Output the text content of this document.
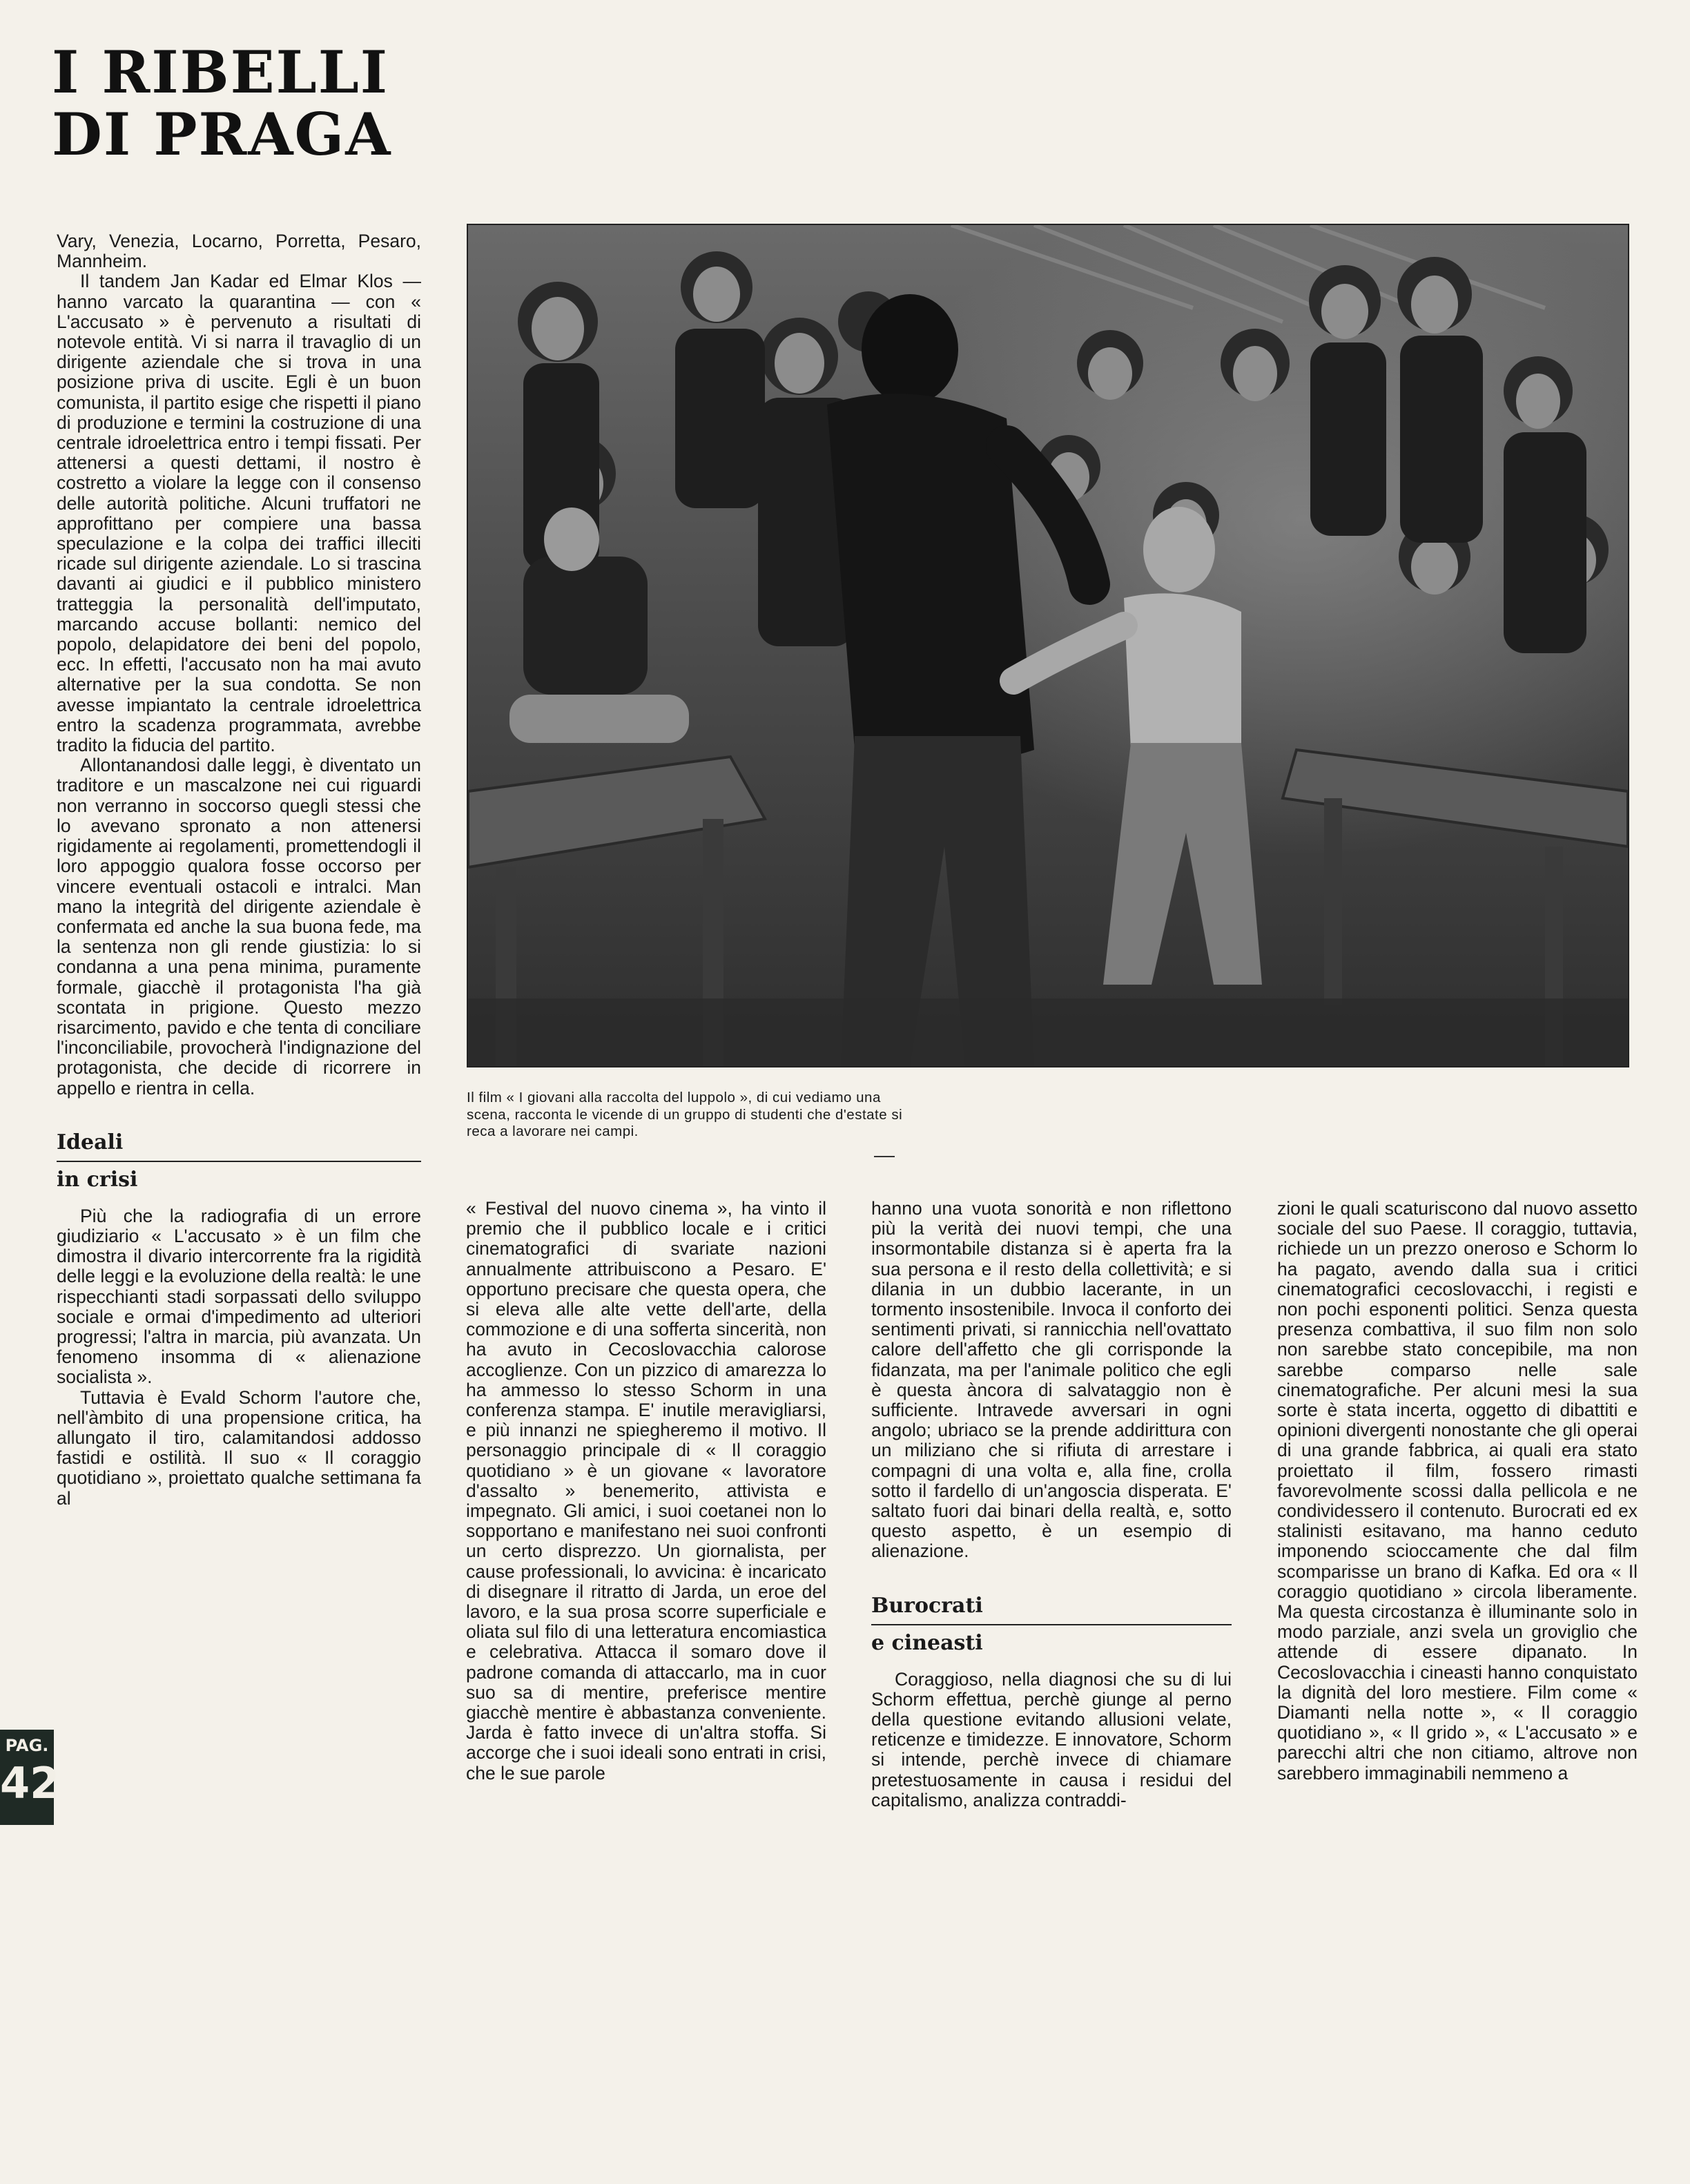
I RIBELLI
DI PRAGA

Vary, Venezia, Locarno, Porretta, Pesaro, Mannheim.

Il tandem Jan Kadar ed Elmar Klos — hanno varcato la quarantina — con « L'accusato » è pervenuto a risultati di notevole entità. Vi si narra il travaglio di un dirigente aziendale che si trova in una posizione priva di uscite. Egli è un buon comunista, il partito esige che rispetti il piano di produzione e termini la costruzione di una centrale idroelettrica entro i tempi fissati. Per attenersi a questi dettami, il nostro è costretto a violare la legge con il consenso delle autorità politiche. Alcuni truffatori ne approfittano per compiere una bassa speculazione e la colpa dei traffici illeciti ricade sul dirigente aziendale. Lo si trascina davanti ai giudici e il pubblico ministero tratteggia la personalità dell'imputato, marcando accuse bollanti: nemico del popolo, delapidatore dei beni del popolo, ecc. In effetti, l'accusato non ha mai avuto alternative per la sua condotta. Se non avesse impiantato la centrale idroelettrica entro la scadenza programmata, avrebbe tradito la fiducia del partito.

Allontanandosi dalle leggi, è diventato un traditore e un mascalzone nei cui riguardi non verranno in soccorso quegli stessi che lo avevano spronato a non attenersi rigidamente ai regolamenti, promettendogli il loro appoggio qualora fosse occorso per vincere eventuali ostacoli e intralci. Man mano la integrità del dirigente aziendale è confermata ed anche la sua buona fede, ma la sentenza non gli rende giustizia: lo si condanna a una pena minima, puramente formale, giacchè il protagonista l'ha già scontata in prigione. Questo mezzo risarcimento, pavido e che tenta di conciliare l'inconciliabile, provocherà l'indignazione del protagonista, che decide di ricorrere in appello e rientra in cella.

Ideali
in crisi

Più che la radiografia di un errore giudiziario « L'accusato » è un film che dimostra il divario intercorrente fra la rigidità delle leggi e la evoluzione della realtà: le une rispecchianti stadi sorpassati dello sviluppo sociale e ormai d'impedimento ad ulteriori progressi; l'altra in marcia, più avanzata. Un fenomeno insomma di « alienazione socialista ».

Tuttavia è Evald Schorm l'autore che, nell'àmbito di una propensione critica, ha allungato il tiro, calamitandosi addosso fastidi e ostilità. Il suo « Il coraggio quotidiano », proiettato qualche settimana fa al

Il film « I giovani alla raccolta del luppolo », di cui vediamo una scena, racconta le vicende di un gruppo di studenti che d'estate si reca a lavorare nei campi.

« Festival del nuovo cinema », ha vinto il premio che il pubblico locale e i critici cinematografici di svariate nazioni annualmente attribuiscono a Pesaro. E' opportuno precisare che questa opera, che si eleva alle alte vette dell'arte, della commozione e di una sofferta sincerità, non ha avuto in Cecoslovacchia calorose accoglienze. Con un pizzico di amarezza lo ha ammesso lo stesso Schorm in una conferenza stampa. E' inutile meravigliarsi, e più innanzi ne spiegheremo il motivo. Il personaggio principale di « Il coraggio quotidiano » è un giovane « lavoratore d'assalto » benemerito, attivista e impegnato. Gli amici, i suoi coetanei non lo sopportano e manifestano nei suoi confronti un certo disprezzo. Un giornalista, per cause professionali, lo avvicina: è incaricato di disegnare il ritratto di Jarda, un eroe del lavoro, e la sua prosa scorre superficiale e oliata sul filo di una letteratura encomiastica e celebrativa. Attacca il somaro dove il padrone comanda di attaccarlo, ma in cuor suo sa di mentire, preferisce mentire giacchè mentire è abbastanza conveniente. Jarda è fatto invece di un'altra stoffa. Si accorge che i suoi ideali sono entrati in crisi, che le sue parole

hanno una vuota sonorità e non riflettono più la verità dei nuovi tempi, che una insormontabile distanza si è aperta fra la sua persona e il resto della collettività; e si dilania in un dubbio lacerante, in un tormento insostenibile. Invoca il conforto dei sentimenti privati, si rannicchia nell'ovattato calore dell'affetto che gli corrisponde la fidanzata, ma per l'animale politico che egli è questa àncora di salvataggio non è sufficiente. Intravede avversari in ogni angolo; ubriaco se la prende addirittura con un miliziano che si rifiuta di arrestare i compagni di una volta e, alla fine, crolla sotto il fardello di un'angoscia disperata. E' saltato fuori dai binari della realtà, e, sotto questo aspetto, è un esempio di alienazione.

Burocrati
e cineasti

Coraggioso, nella diagnosi che su di lui Schorm effettua, perchè giunge al perno della questione evitando allusioni velate, reticenze e timidezze. E innovatore, Schorm si intende, perchè invece di chiamare pretestuosamente in causa i residui del capitalismo, analizza contraddi-

zioni le quali scaturiscono dal nuovo assetto sociale del suo Paese. Il coraggio, tuttavia, richiede un un prezzo oneroso e Schorm lo ha pagato, avendo dalla sua i critici cinematografici cecoslovacchi, i registi e non pochi esponenti politici. Senza questa presenza combattiva, il suo film non solo non sarebbe stato concepibile, ma non sarebbe comparso nelle sale cinematografiche. Per alcuni mesi la sua sorte è stata incerta, oggetto di dibattiti e opinioni divergenti nonostante che gli operai di una grande fabbrica, ai quali era stato proiettato il film, fossero rimasti favorevolmente scossi dalla pellicola e ne condividessero il contenuto. Burocrati ed ex stalinisti esitavano, ma hanno ceduto imponendo scioccamente che dal film scomparisse un brano di Kafka. Ed ora « Il coraggio quotidiano » circola liberamente. Ma questa circostanza è illuminante solo in modo parziale, anzi svela un groviglio che attende di essere dipanato. In Cecoslovacchia i cineasti hanno conquistato la dignità del loro mestiere. Film come « Diamanti nella notte », « Il coraggio quotidiano », « Il grido », « L'accusato » e parecchi altri che non citiamo, altrove non sarebbero immaginabili nemmeno a

PAG.
42
